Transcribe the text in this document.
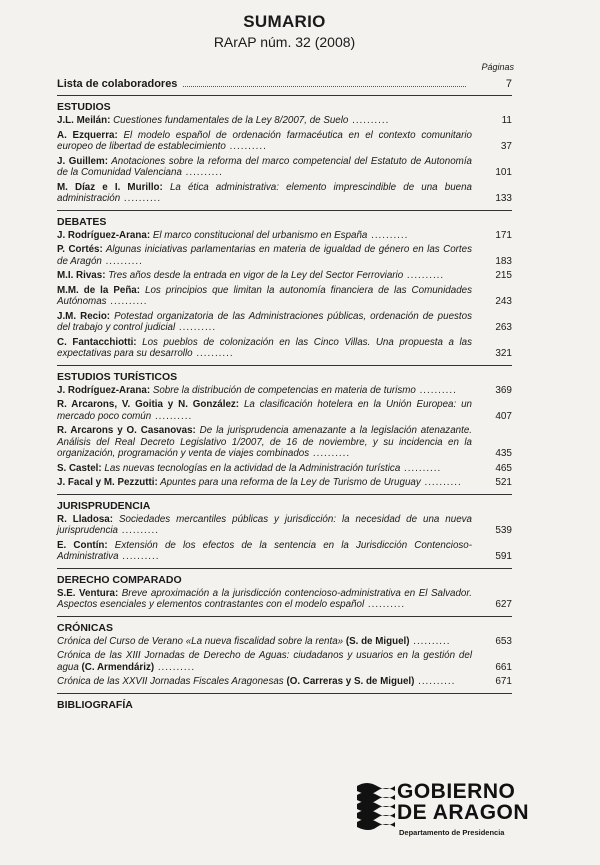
SUMARIO
RArAP núm. 32 (2008)
Páginas
Lista de colaboradores	7
ESTUDIOS
J.L. Meilán: Cuestiones fundamentales de la Ley 8/2007, de Suelo ..........	11
A. Ezquerra: El modelo español de ordenación farmacéutica en el contexto comunitario europeo de libertad de establecimiento ..........	37
J. Guillem: Anotaciones sobre la reforma del marco competencial del Estatuto de Autonomía de la Comunidad Valenciana ..........	101
M. Díaz e I. Murillo: La ética administrativa: elemento imprescindible de una buena administración ..........	133
DEBATES
J. Rodríguez-Arana: El marco constitucional del urbanismo en España ..........	171
P. Cortés: Algunas iniciativas parlamentarias en materia de igualdad de género en las Cortes de Aragón ..........	183
M.I. Rivas: Tres años desde la entrada en vigor de la Ley del Sector Ferroviario ..........	215
M.M. de la Peña: Los principios que limitan la autonomía financiera de las Comunidades Autónomas ..........	243
J.M. Recio: Potestad organizatoria de las Administraciones públicas, ordenación de puestos del trabajo y control judicial ..........	263
C. Fantacchiotti: Los pueblos de colonización en las Cinco Villas. Una propuesta a las expectativas para su desarrollo ..........	321
ESTUDIOS TURÍSTICOS
J. Rodríguez-Arana: Sobre la distribución de competencias en materia de turismo ..........	369
R. Arcarons, V. Goitia y N. González: La clasificación hotelera en la Unión Europea: un mercado poco común ..........	407
R. Arcarons y O. Casanovas: De la jurisprudencia amenazante a la legislación atenazante. Análisis del Real Decreto Legislativo 1/2007, de 16 de noviembre, y su incidencia en la organización, programación y venta de viajes combinados ..........	435
S. Castel: Las nuevas tecnologías en la actividad de la Administración turística ..........	465
J. Facal y M. Pezzutti: Apuntes para una reforma de la Ley de Turismo de Uruguay ..........	521
JURISPRUDENCIA
R. Lladosa: Sociedades mercantiles públicas y jurisdicción: la necesidad de una nueva jurisprudencia ..........	539
E. Contín: Extensión de los efectos de la sentencia en la Jurisdicción Contencioso-Administrativa ..........	591
DERECHO COMPARADO
S.E. Ventura: Breve aproximación a la jurisdicción contencioso-administrativa en El Salvador. Aspectos esenciales y elementos contrastantes con el modelo español ..........	627
CRÓNICAS
Crónica del Curso de Verano «La nueva fiscalidad sobre la renta» (S. de Miguel) ..........	653
Crónica de las XIII Jornadas de Derecho de Aguas: ciudadanos y usuarios en la gestión del agua (C. Armendáriz) ..........	661
Crónica de las XXVII Jornadas Fiscales Aragonesas (O. Carreras y S. de Miguel) ..........	671
BIBLIOGRAFÍA
GOBIERNO
DE ARAGON
Departamento de Presidencia
